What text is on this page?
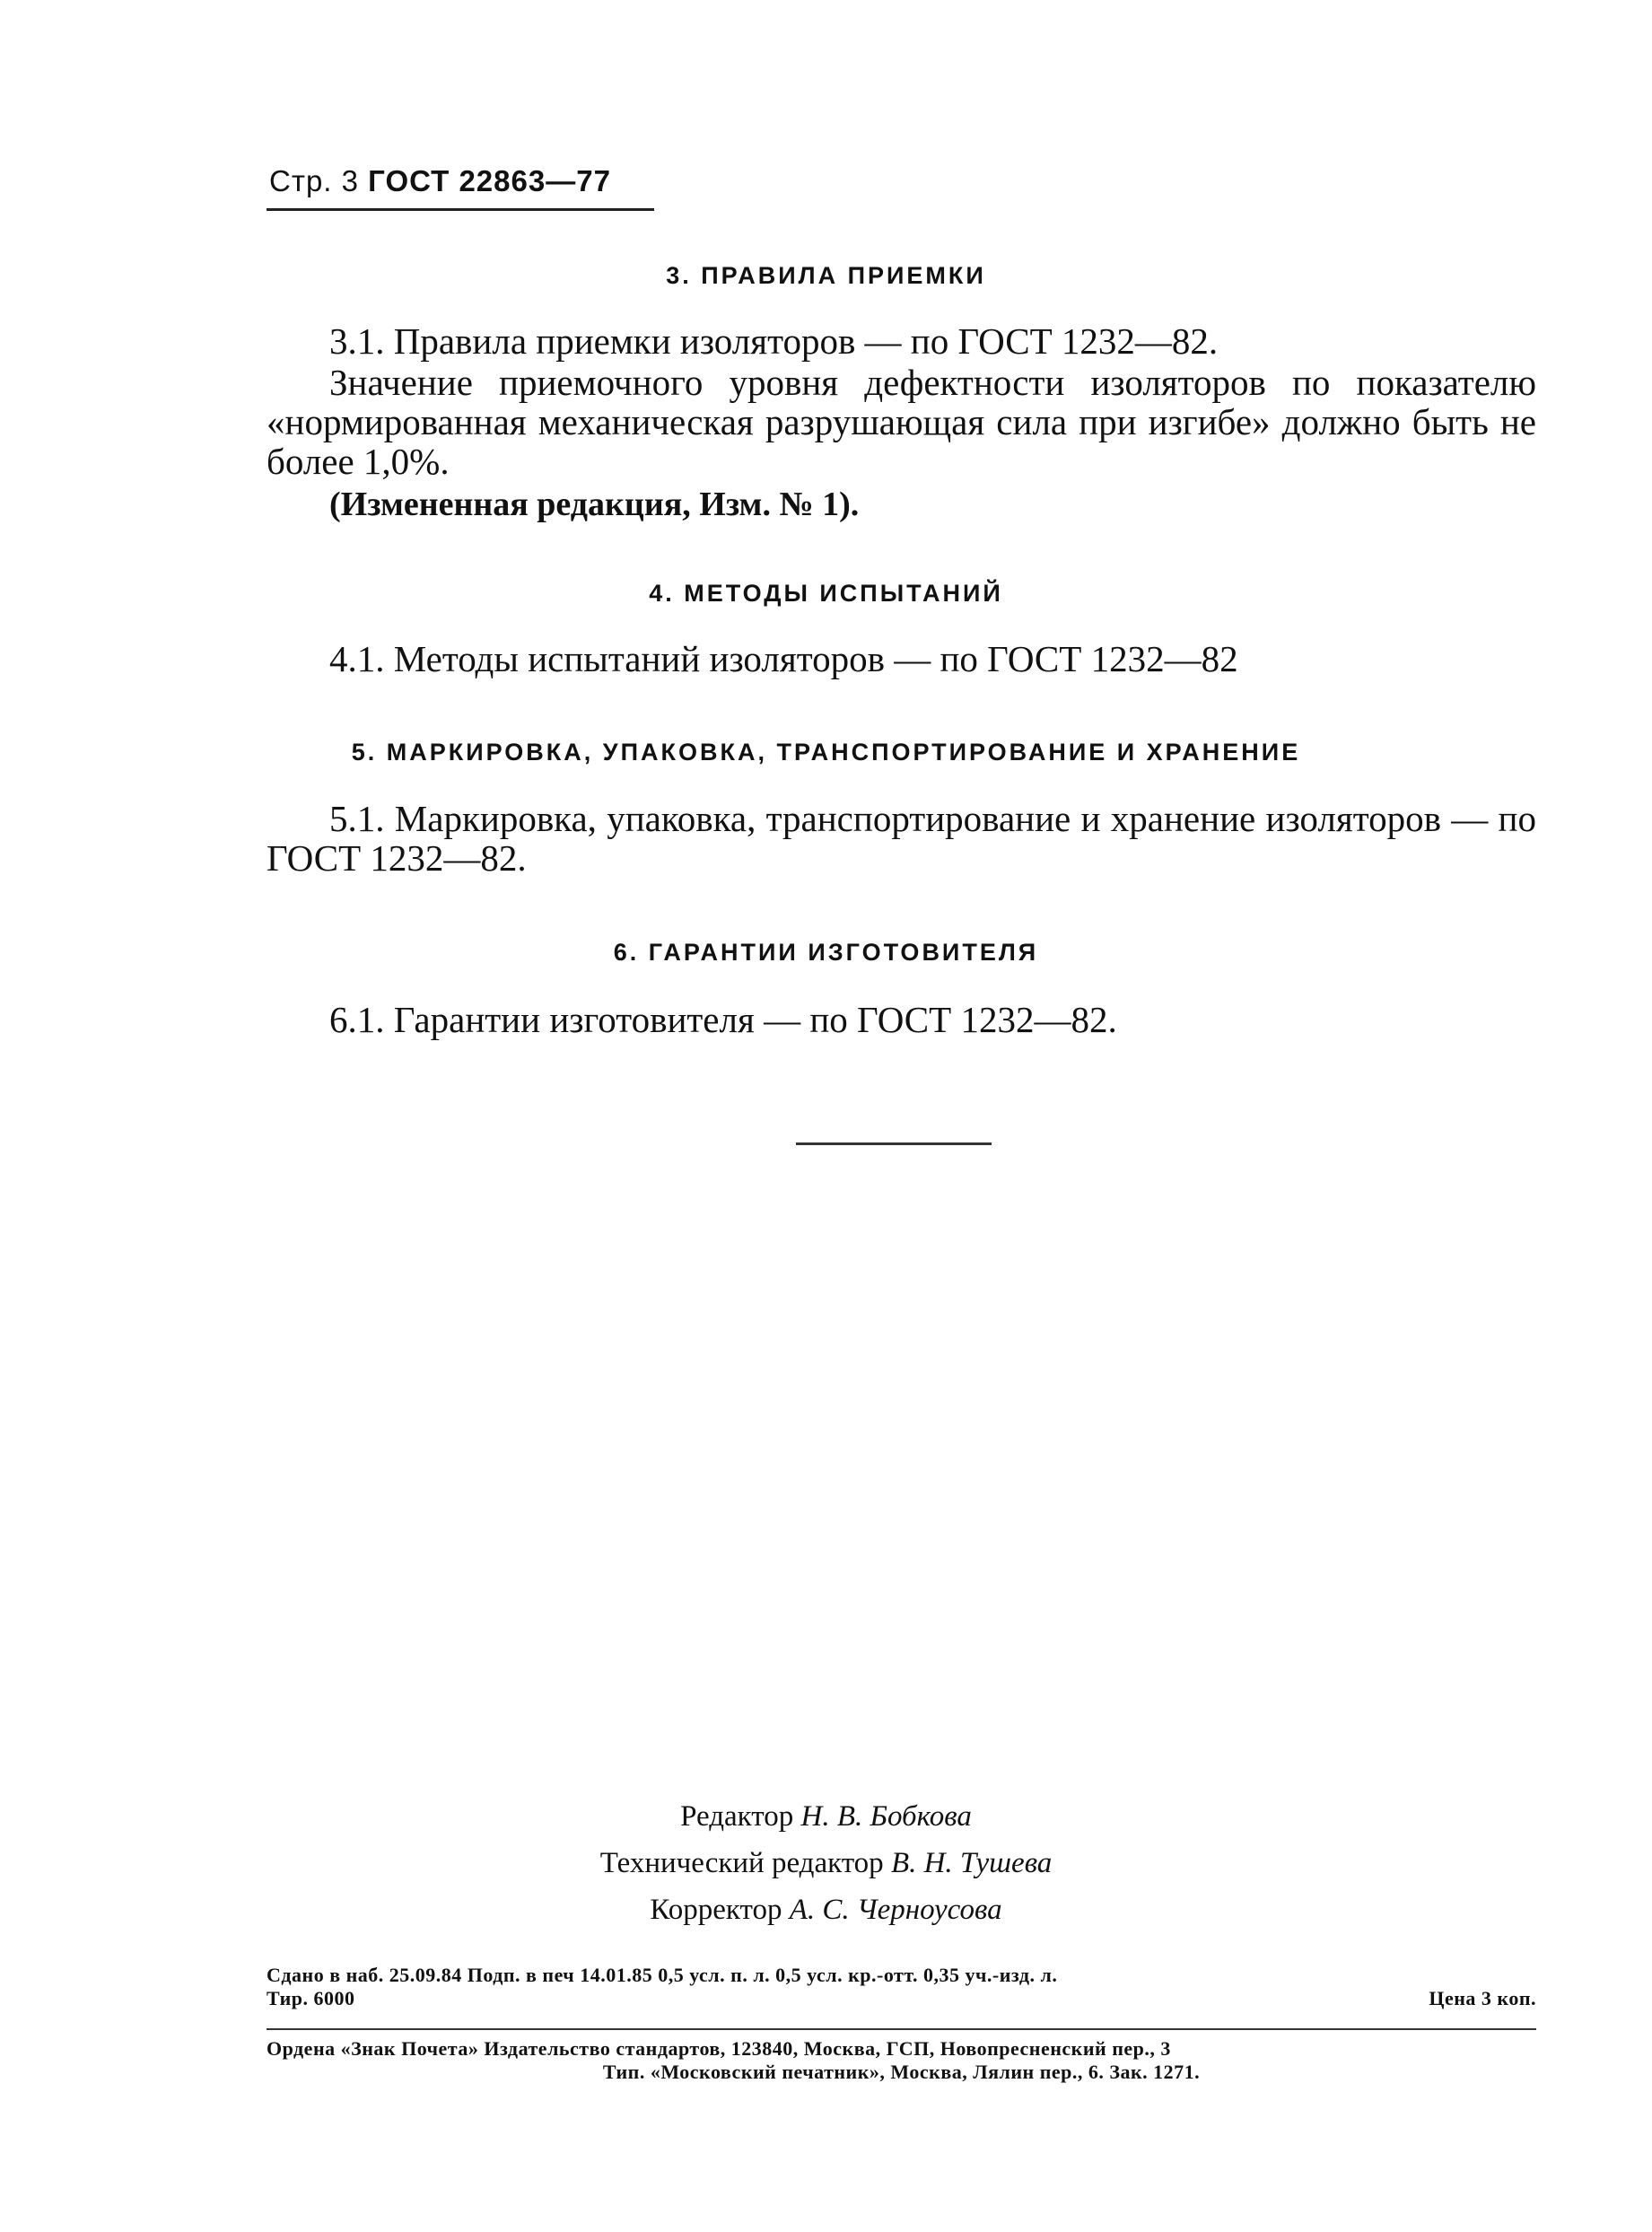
Стр. 3 ГОСТ 22863—77
3. ПРАВИЛА ПРИЕМКИ
3.1. Правила приемки изоляторов — по ГОСТ 1232—82.
Значение приемочного уровня дефектности изоляторов по показателю «нормированная механическая разрушающая сила при изгибе» должно быть не более 1,0%.
(Измененная редакция, Изм. № 1).
4. МЕТОДЫ ИСПЫТАНИЙ
4.1. Методы испытаний изоляторов — по ГОСТ 1232—82
5. МАРКИРОВКА, УПАКОВКА, ТРАНСПОРТИРОВАНИЕ И ХРАНЕНИЕ
5.1. Маркировка, упаковка, транспортирование и хранение изоляторов — по ГОСТ 1232—82.
6. ГАРАНТИИ ИЗГОТОВИТЕЛЯ
6.1. Гарантии изготовителя — по ГОСТ 1232—82.
Редактор Н. В. Бобкова
Технический редактор В. Н. Тушева
Корректор А. С. Черноусова
Сдано в наб. 25.09.84 Подп. в печ 14.01.85 0,5 усл. п. л. 0,5 усл. кр.-отт. 0,35 уч.-изд. л.
Тир. 6000	Цена 3 коп.
Ордена «Знак Почета» Издательство стандартов, 123840, Москва, ГСП, Новопресненский пер., 3
Тип. «Московский печатник», Москва, Лялин пер., 6. Зак. 1271.
